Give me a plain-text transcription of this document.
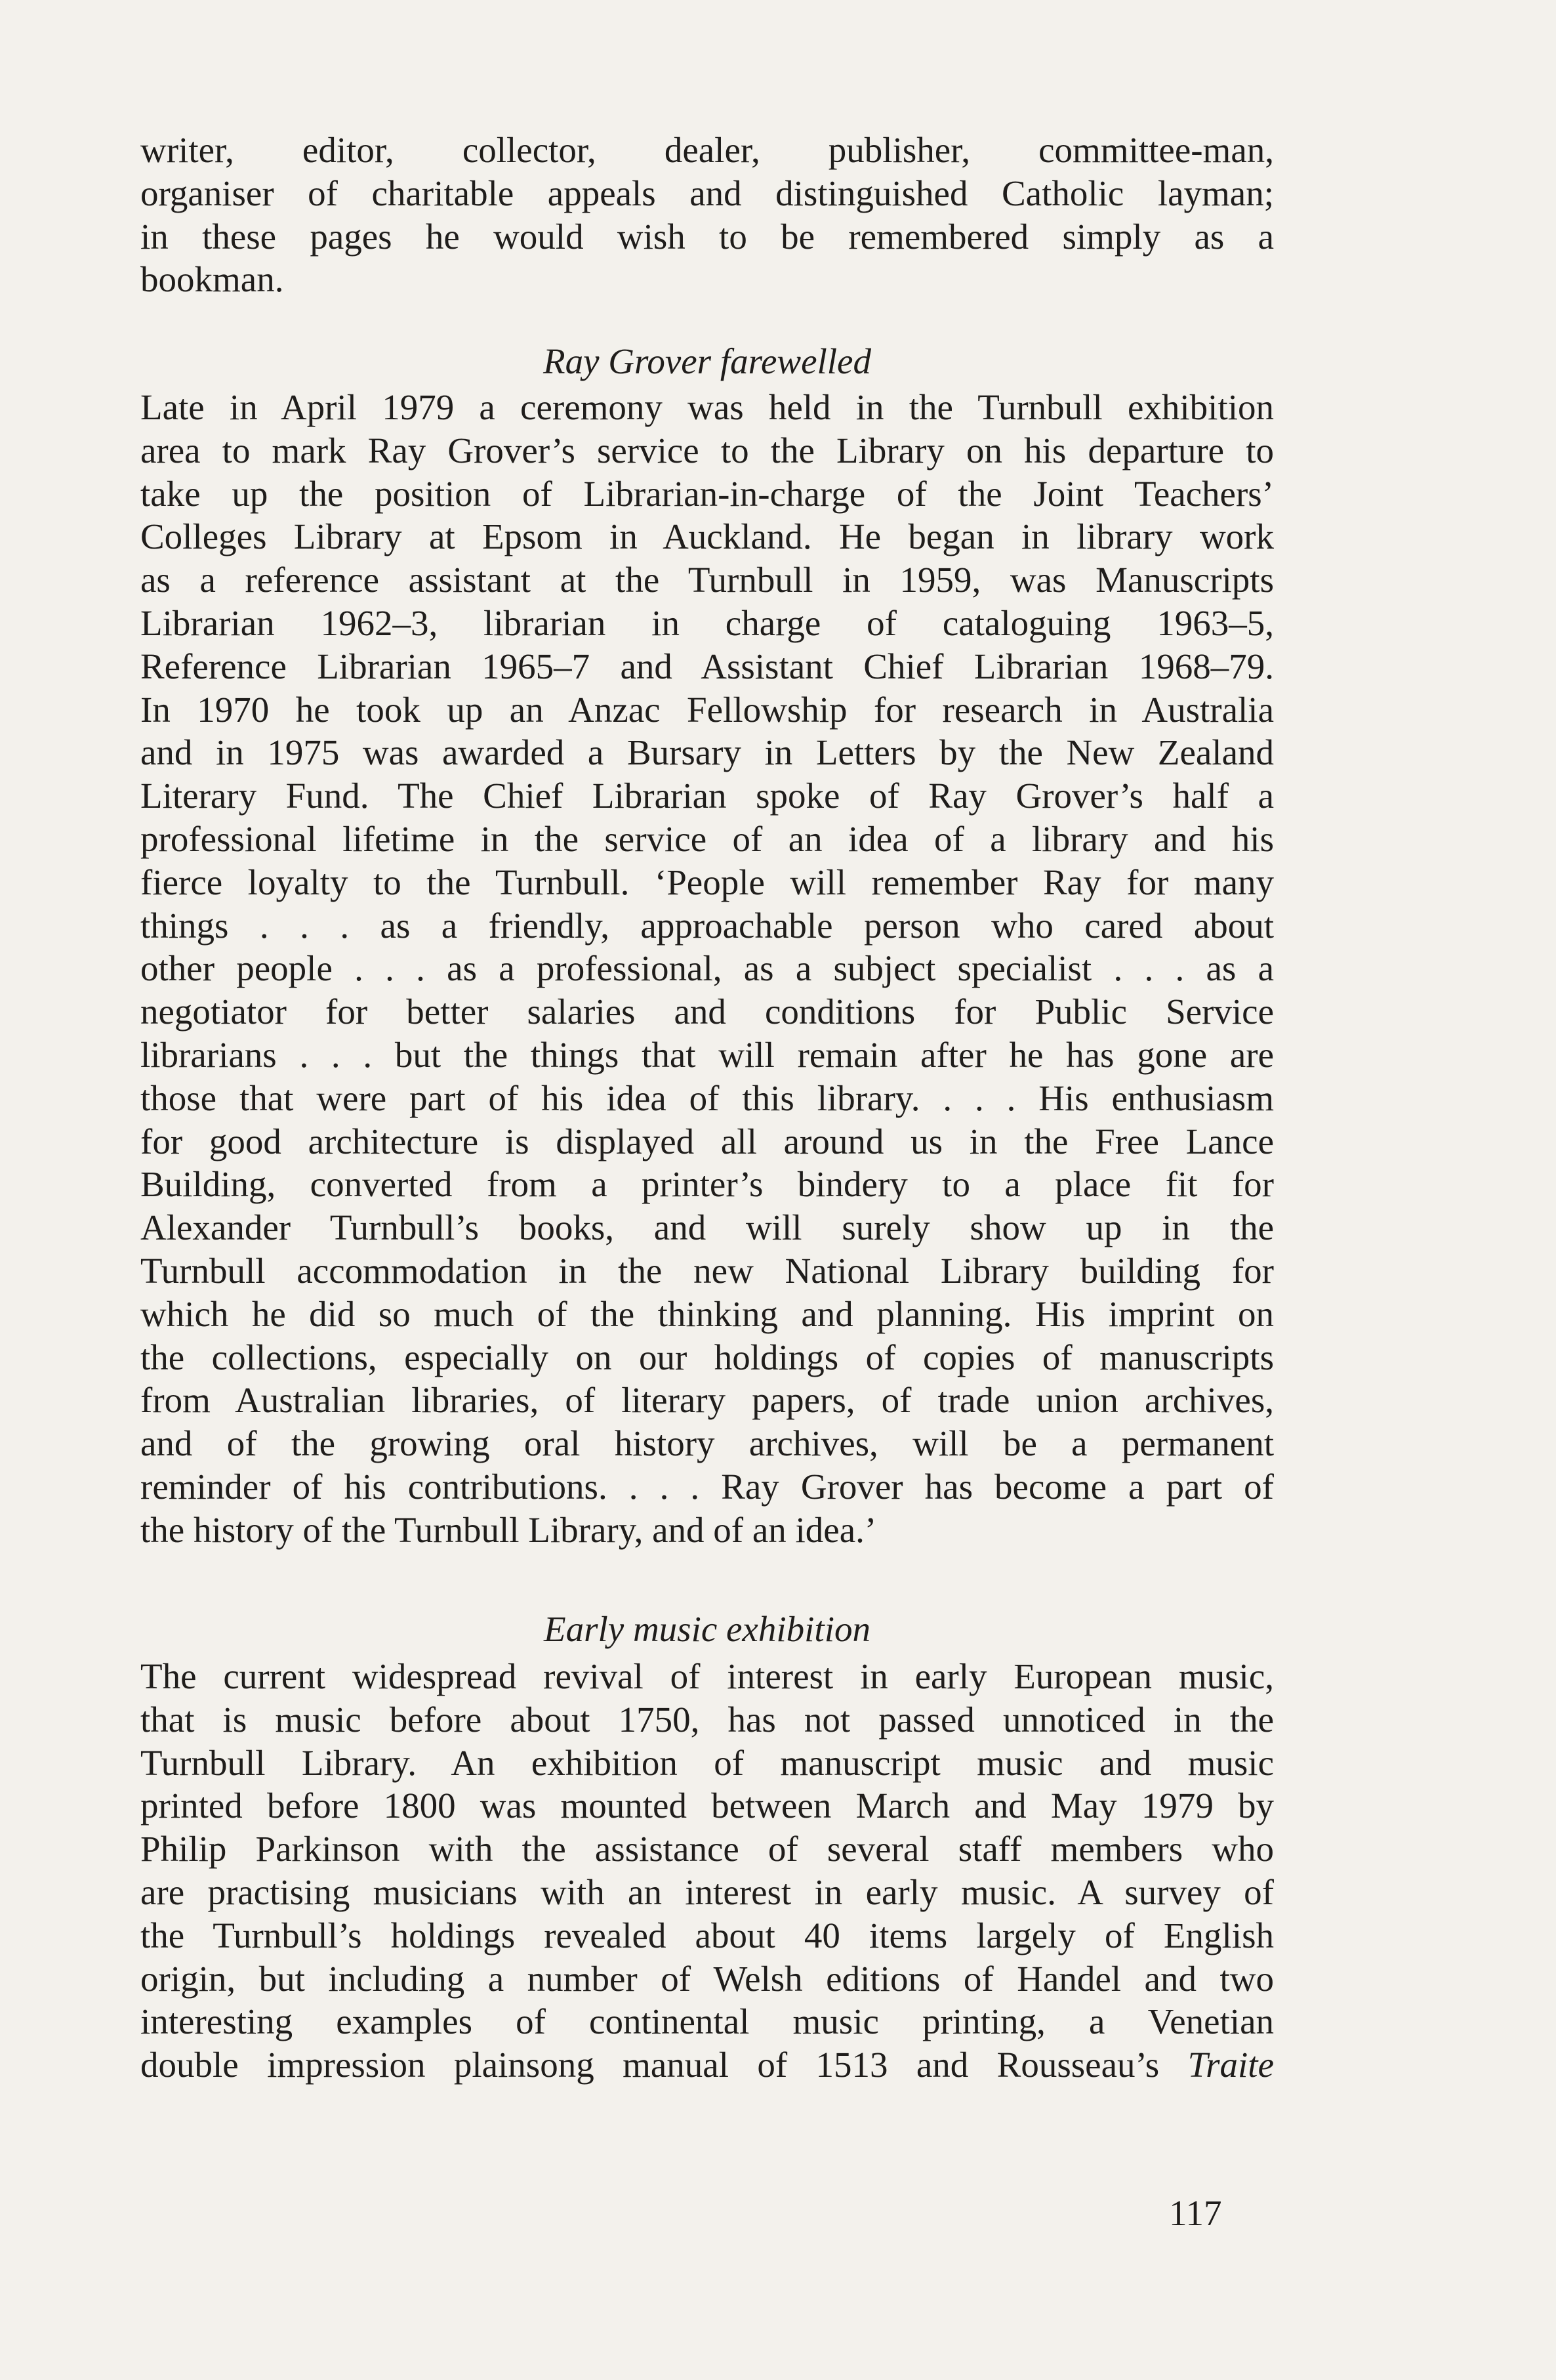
writer, editor, collector, dealer, publisher, committee-man,
organiser of charitable appeals and distinguished Catholic layman;
in these pages he would wish to be remembered simply as a
bookman.
Ray Grover farewelled
Late in April 1979 a ceremony was held in the Turnbull exhibition
area to mark Ray Grover’s service to the Library on his departure to
take up the position of Librarian-in-charge of the Joint Teachers’
Colleges Library at Epsom in Auckland. He began in library work
as a reference assistant at the Turnbull in 1959, was Manuscripts
Librarian 1962–3, librarian in charge of cataloguing 1963–5,
Reference Librarian 1965–7 and Assistant Chief Librarian 1968–79.
In 1970 he took up an Anzac Fellowship for research in Australia
and in 1975 was awarded a Bursary in Letters by the New Zealand
Literary Fund. The Chief Librarian spoke of Ray Grover’s half a
professional lifetime in the service of an idea of a library and his
fierce loyalty to the Turnbull. ‘People will remember Ray for many
things . . . as a friendly, approachable person who cared about
other people . . . as a professional, as a subject specialist . . . as a
negotiator for better salaries and conditions for Public Service
librarians . . . but the things that will remain after he has gone are
those that were part of his idea of this library. . . . His enthusiasm
for good architecture is displayed all around us in the Free Lance
Building, converted from a printer’s bindery to a place fit for
Alexander Turnbull’s books, and will surely show up in the
Turnbull accommodation in the new National Library building for
which he did so much of the thinking and planning. His imprint on
the collections, especially on our holdings of copies of manuscripts
from Australian libraries, of literary papers, of trade union archives,
and of the growing oral history archives, will be a permanent
reminder of his contributions. . . . Ray Grover has become a part of
the history of the Turnbull Library, and of an idea.’
Early music exhibition
The current widespread revival of interest in early European music,
that is music before about 1750, has not passed unnoticed in the
Turnbull Library. An exhibition of manuscript music and music
printed before 1800 was mounted between March and May 1979 by
Philip Parkinson with the assistance of several staff members who
are practising musicians with an interest in early music. A survey of
the Turnbull’s holdings revealed about 40 items largely of English
origin, but including a number of Welsh editions of Handel and two
interesting examples of continental music printing, a Venetian
double impression plainsong manual of 1513 and Rousseau’s Traite
117
